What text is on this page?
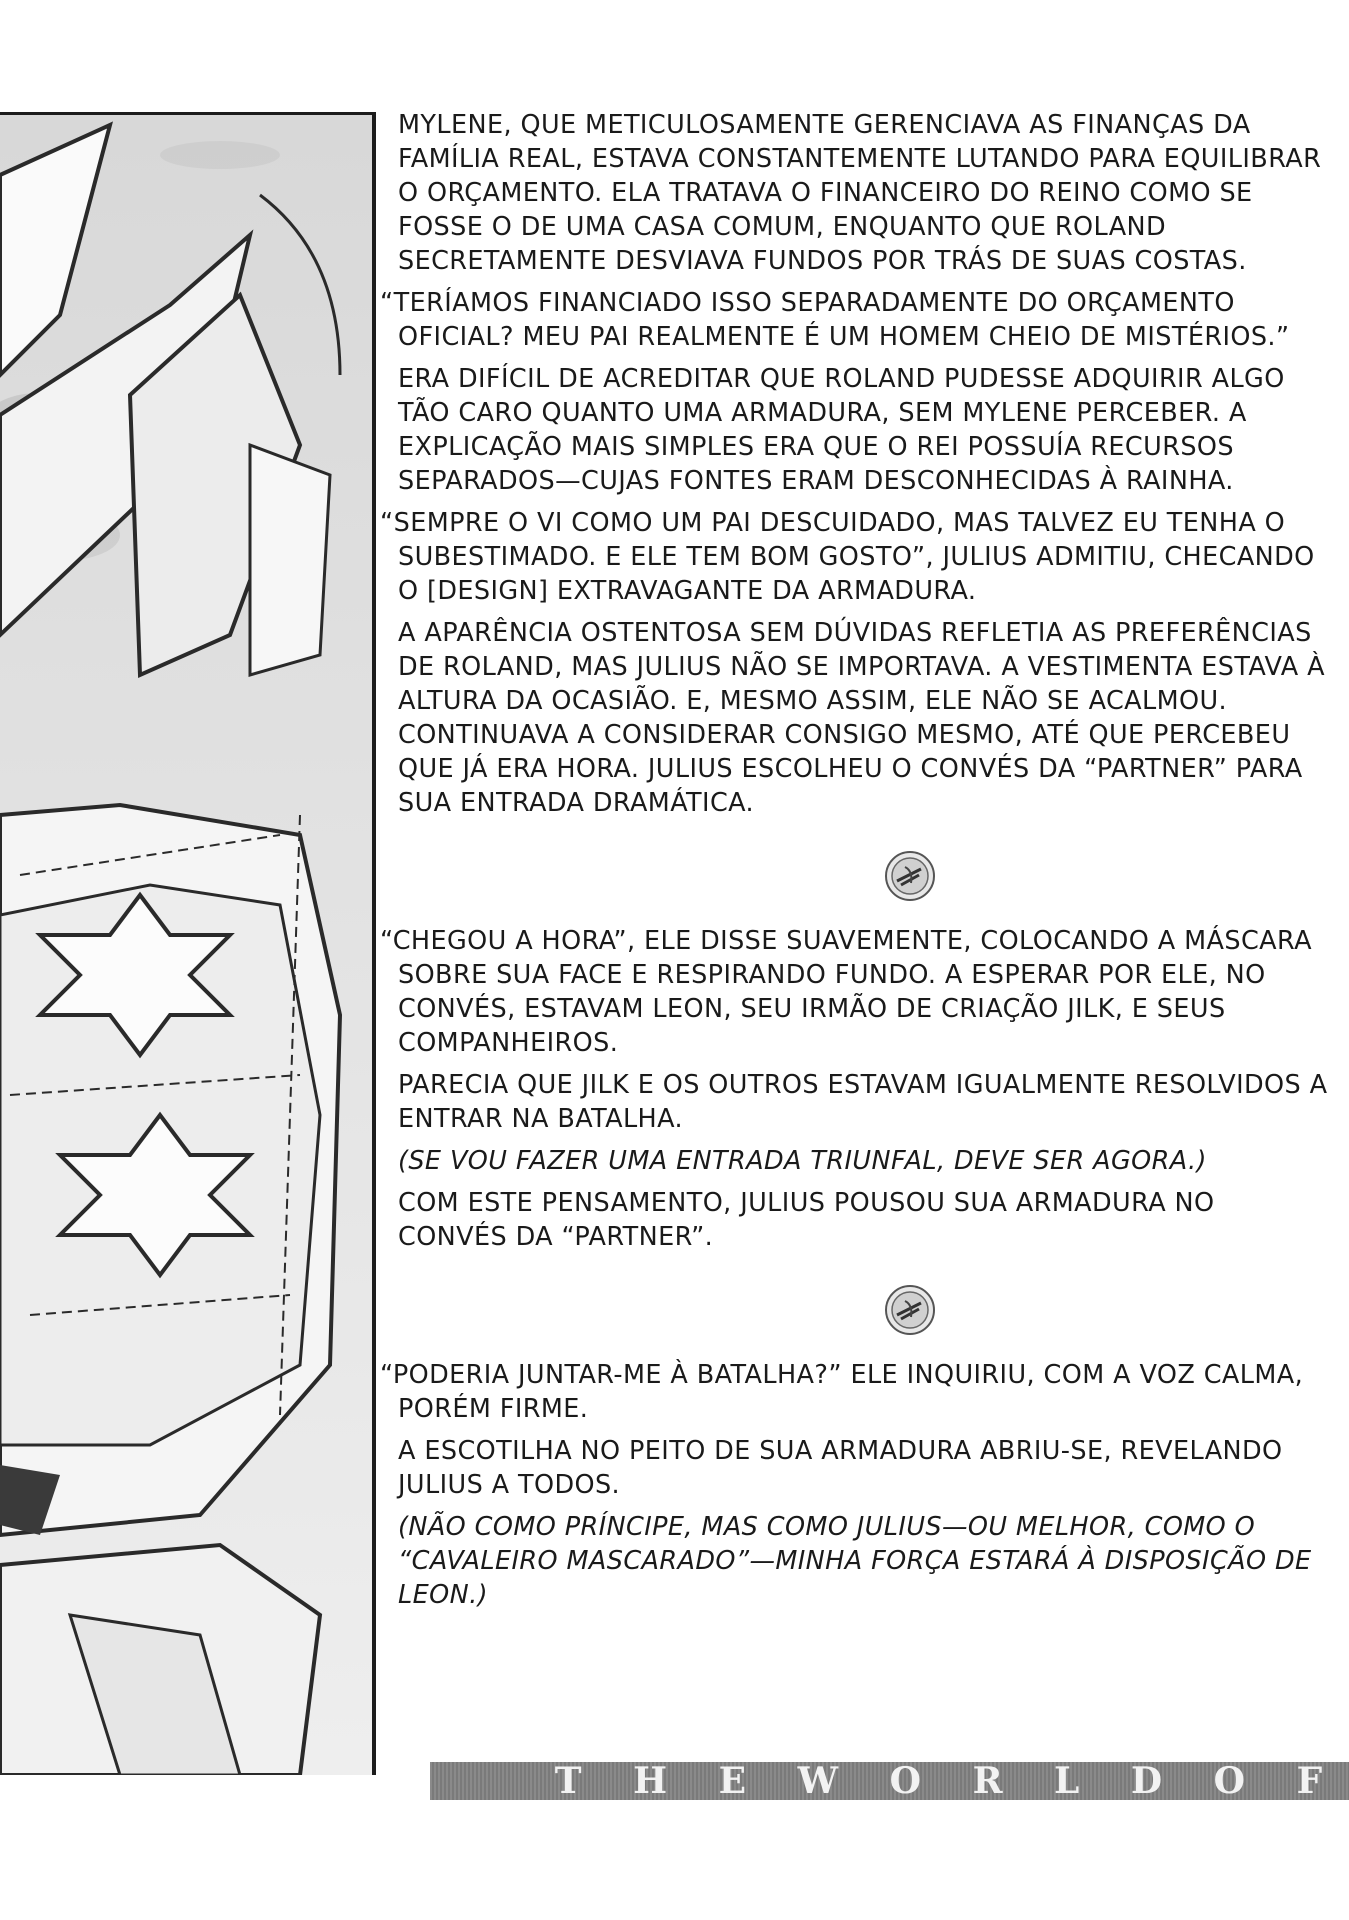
MYLENE, QUE METICULOSAMENTE GERENCIAVA AS FINANÇAS DA FAMÍLIA REAL, ESTAVA CONSTANTEMENTE LUTANDO PARA EQUILIBRAR O ORÇAMENTO. ELA TRATAVA O FINANCEIRO DO REINO COMO SE FOSSE O DE UMA CASA COMUM, ENQUANTO QUE ROLAND SECRETAMENTE DESVIAVA FUNDOS POR TRÁS DE SUAS COSTAS.

“TERÍAMOS FINANCIADO ISSO SEPARADAMENTE DO ORÇAMENTO OFICIAL? MEU PAI REALMENTE É UM HOMEM CHEIO DE MISTÉRIOS.”

ERA DIFÍCIL DE ACREDITAR QUE ROLAND PUDESSE ADQUIRIR ALGO TÃO CARO QUANTO UMA ARMADURA, SEM MYLENE PERCEBER. A EXPLICAÇÃO MAIS SIMPLES ERA QUE O REI POSSUÍA RECURSOS SEPARADOS—CUJAS FONTES ERAM DESCONHECIDAS À RAINHA.

“SEMPRE O VI COMO UM PAI DESCUIDADO, MAS TALVEZ EU TENHA O SUBESTIMADO. E ELE TEM BOM GOSTO”, JULIUS ADMITIU, CHECANDO O [DESIGN] EXTRAVAGANTE DA ARMADURA.

A APARÊNCIA OSTENTOSA SEM DÚVIDAS REFLETIA AS PREFERÊNCIAS DE ROLAND, MAS JULIUS NÃO SE IMPORTAVA. A VESTIMENTA ESTAVA À ALTURA DA OCASIÃO. E, MESMO ASSIM, ELE NÃO SE ACALMOU. CONTINUAVA A CONSIDERAR CONSIGO MESMO, ATÉ QUE PERCEBEU QUE JÁ ERA HORA. JULIUS ESCOLHEU O CONVÉS DA “PARTNER” PARA SUA ENTRADA DRAMÁTICA.

“CHEGOU A HORA”, ELE DISSE SUAVEMENTE, COLOCANDO A MÁSCARA SOBRE SUA FACE E RESPIRANDO FUNDO. A ESPERAR POR ELE, NO CONVÉS, ESTAVAM LEON, SEU IRMÃO DE CRIAÇÃO JILK, E SEUS COMPANHEIROS.

PARECIA QUE JILK E OS OUTROS ESTAVAM IGUALMENTE RESOLVIDOS A ENTRAR NA BATALHA.

(SE VOU FAZER UMA ENTRADA TRIUNFAL, DEVE SER AGORA.)

COM ESTE PENSAMENTO, JULIUS POUSOU SUA ARMADURA NO CONVÉS DA “PARTNER”.

“PODERIA JUNTAR-ME À BATALHA?” ELE INQUIRIU, COM A VOZ CALMA, PORÉM FIRME.

A ESCOTILHA NO PEITO DE SUA ARMADURA ABRIU-SE, REVELANDO JULIUS A TODOS.

(NÃO COMO PRÍNCIPE, MAS COMO JULIUS—OU MELHOR, COMO O “CAVALEIRO MASCARADO”—MINHA FORÇA ESTARÁ À DISPOSIÇÃO DE LEON.)

T H E W O R L D O F
